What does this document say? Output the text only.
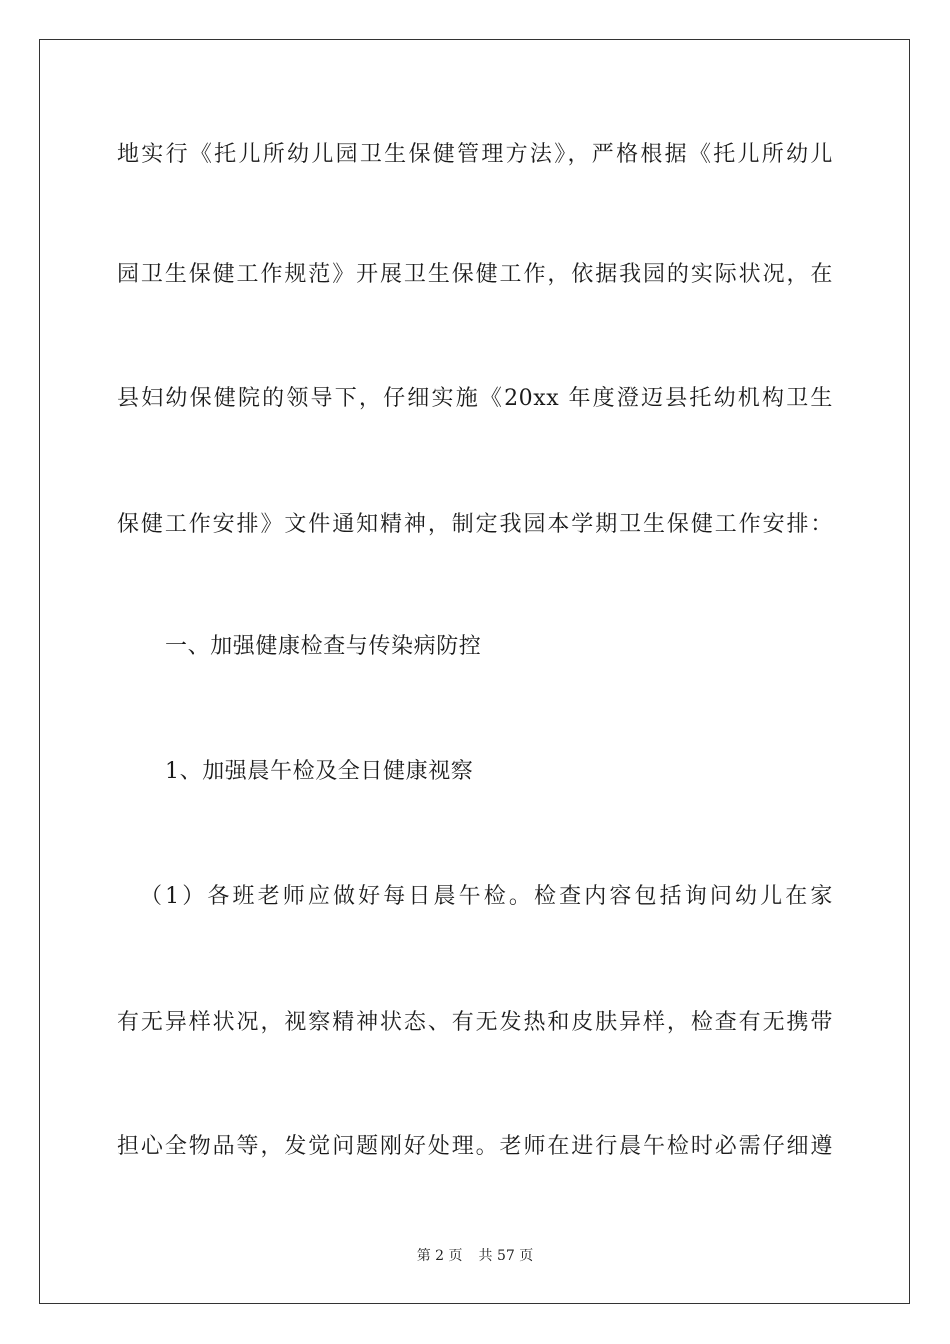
地实行《托儿所幼儿园卫生保健管理方法》，严格根据《托儿所幼儿
园卫生保健工作规范》开展卫生保健工作，依据我园的实际状况，在
县妇幼保健院的领导下，仔细实施《20xx 年度澄迈县托幼机构卫生
保健工作安排》文件通知精神，制定我园本学期卫生保健工作安排：
一、加强健康检查与传染病防控
1、加强晨午检及全日健康视察
（1）各班老师应做好每日晨午检。检查内容包括询问幼儿在家
有无异样状况，视察精神状态、有无发热和皮肤异样，检查有无携带
担心全物品等，发觉问题刚好处理。老师在进行晨午检时必需仔细遵
第 2 页 共 57 页
